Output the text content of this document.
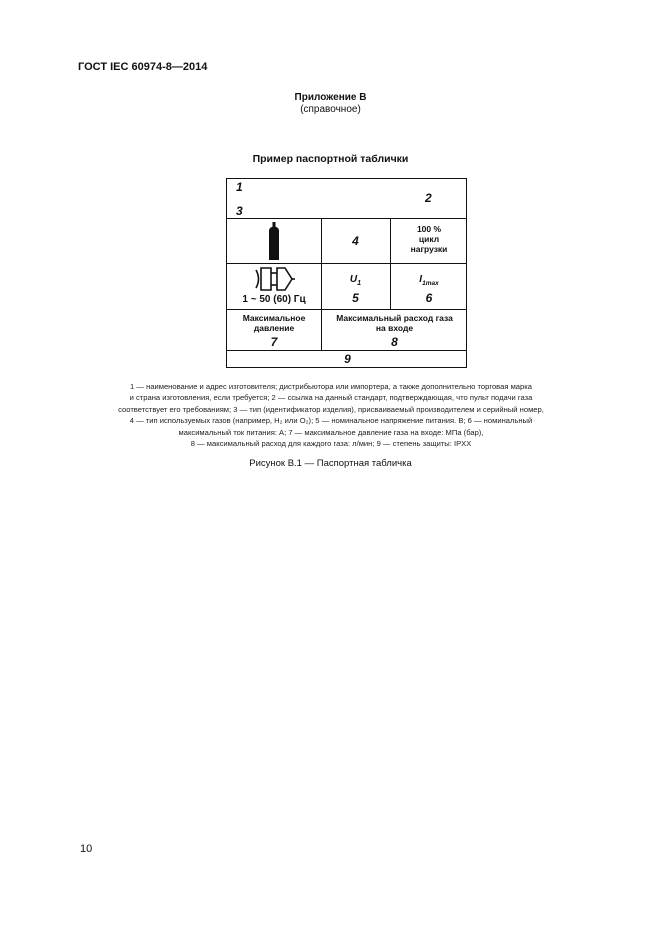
ГОСТ IEC 60974-8—2014
Приложение B
(справочное)
Пример паспортной таблички
1
3
2
4
100 %
цикл
нагрузки
1 ~ 50 (60) Гц
$U_1$
5
$I_{1max}$
6
Максимальное
давление
7
Максимальный расход газа
на входе
8
9
1 — наименование и адрес изготовителя; дистрибьютора или импортера, а также дополнительно торговая марка
и страна изготовления, если требуется; 2 — ссылка на данный стандарт, подтверждающая, что пульт подачи газа
соответствует его требованиям; 3 — тип (идентификатор изделия), присваиваемый производителем и серийный номер,
4 — тип используемых газов (например, H₂ или O₂); 5 — номинальное напряжение питания. В; 6 — номинальный
максимальный ток питания: А; 7 — максимальное давление газа на входе: МПа (бар),
8 — максимальный расход для каждого газа: л/мин; 9 — степень защиты: IPXX
Рисунок B.1 — Паспортная табличка
10
